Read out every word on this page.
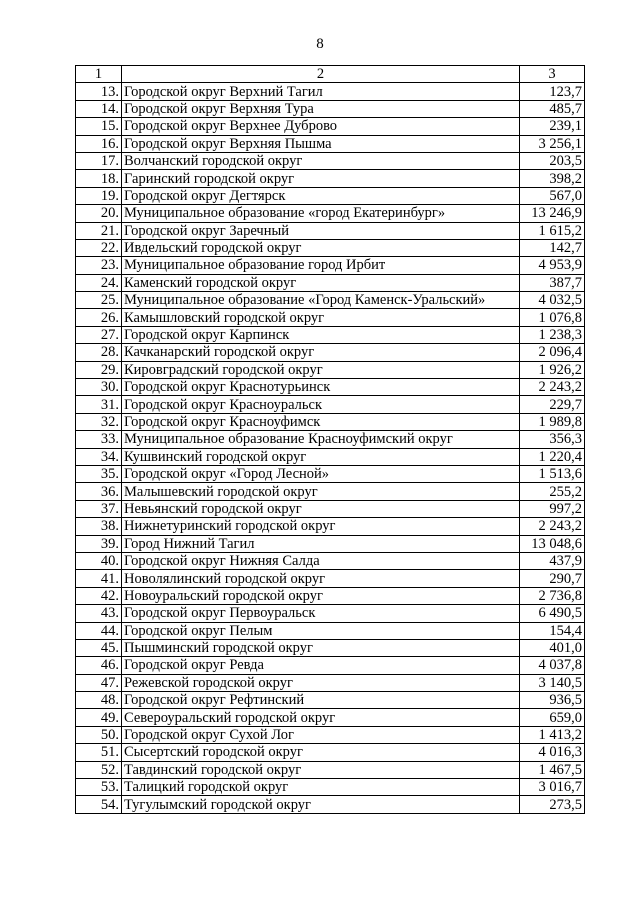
8
1	2	3
13.	Городской округ Верхний Тагил	123,7
14.	Городской округ Верхняя Тура	485,7
15.	Городской округ Верхнее Дуброво	239,1
16.	Городской округ Верхняя Пышма	3 256,1
17.	Волчанский городской округ	203,5
18.	Гаринский городской округ	398,2
19.	Городской округ Дегтярск	567,0
20.	Муниципальное образование «город Екатеринбург»	13 246,9
21.	Городской округ Заречный	1 615,2
22.	Ивдельский городской округ	142,7
23.	Муниципальное образование город Ирбит	4 953,9
24.	Каменский городской округ	387,7
25.	Муниципальное образование «Город Каменск-Уральский»	4 032,5
26.	Камышловский городской округ	1 076,8
27.	Городской округ Карпинск	1 238,3
28.	Качканарский городской округ	2 096,4
29.	Кировградский городской округ	1 926,2
30.	Городской округ Краснотурьинск	2 243,2
31.	Городской округ Красноуральск	229,7
32.	Городской округ Красноуфимск	1 989,8
33.	Муниципальное образование Красноуфимский округ	356,3
34.	Кушвинский городской округ	1 220,4
35.	Городской округ «Город Лесной»	1 513,6
36.	Малышевский городской округ	255,2
37.	Невьянский городской округ	997,2
38.	Нижнетуринский городской округ	2 243,2
39.	Город Нижний Тагил	13 048,6
40.	Городской округ Нижняя Салда	437,9
41.	Новолялинский городской округ	290,7
42.	Новоуральский городской округ	2 736,8
43.	Городской округ Первоуральск	6 490,5
44.	Городской округ Пелым	154,4
45.	Пышминский городской округ	401,0
46.	Городской округ Ревда	4 037,8
47.	Режевской городской округ	3 140,5
48.	Городской округ Рефтинский	936,5
49.	Североуральский городской округ	659,0
50.	Городской округ Сухой Лог	1 413,2
51.	Сысертский городской округ	4 016,3
52.	Тавдинский городской округ	1 467,5
53.	Талицкий городской округ	3 016,7
54.	Тугулымский городской округ	273,5
